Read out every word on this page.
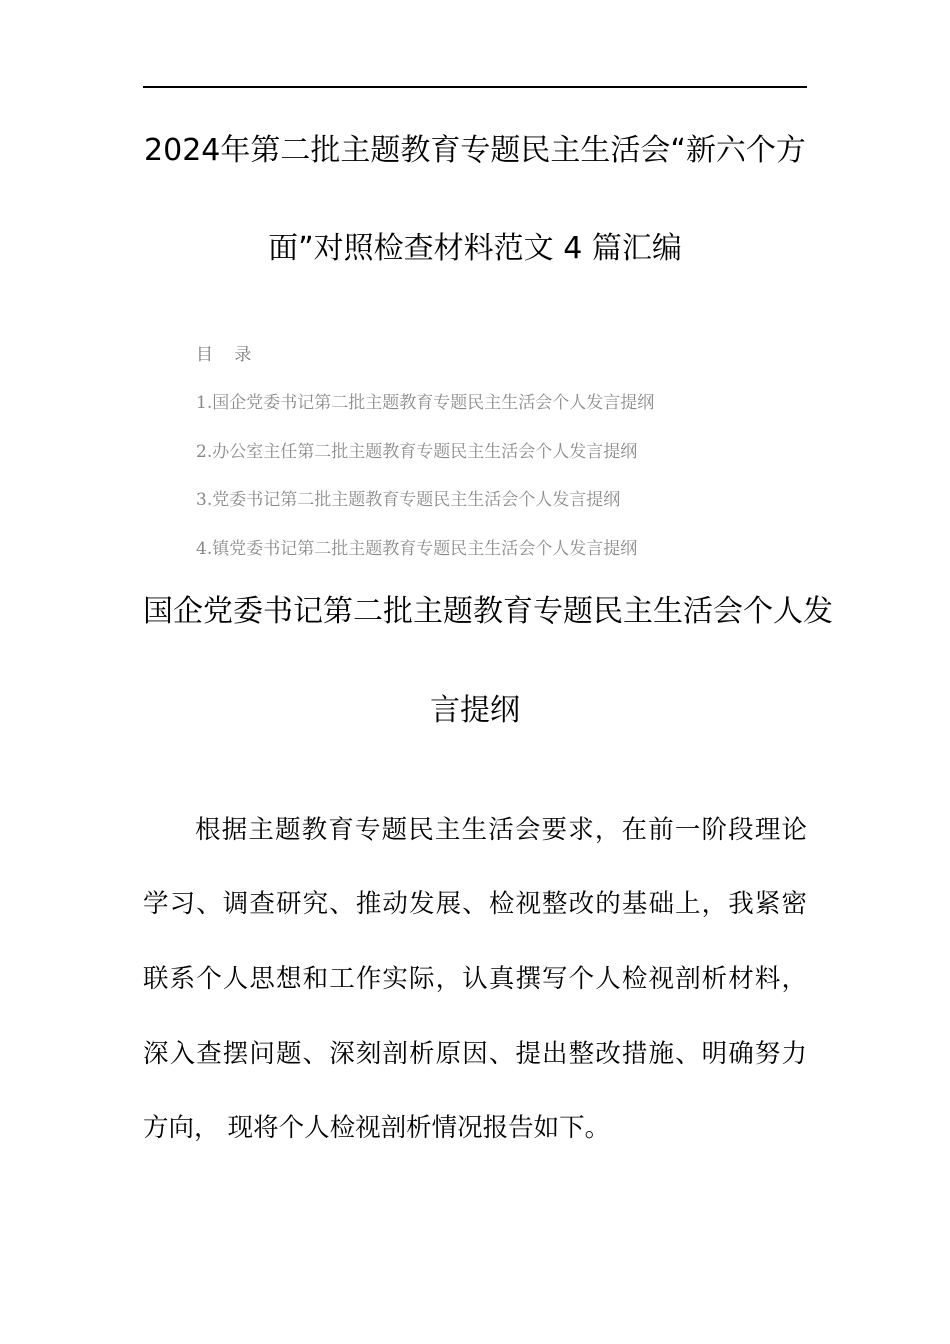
2024年第二批主题教育专题民主生活会“新六个方
面”对照检查材料范文 4 篇汇编
目 录
1.国企党委书记第二批主题教育专题民主生活会个人发言提纲
2.办公室主任第二批主题教育专题民主生活会个人发言提纲
3.党委书记第二批主题教育专题民主生活会个人发言提纲
4.镇党委书记第二批主题教育专题民主生活会个人发言提纲
国企党委书记第二批主题教育专题民主生活会个人发
言提纲
根据主题教育专题民主生活会要求，在前一阶段理论
学习、调查研究、推动发展、检视整改的基础上，我紧密
联系个人思想和工作实际，认真撰写个人检视剖析材料，
深入查摆问题、深刻剖析原因、提出整改措施、明确努力
方向， 现将个人检视剖析情况报告如下。
